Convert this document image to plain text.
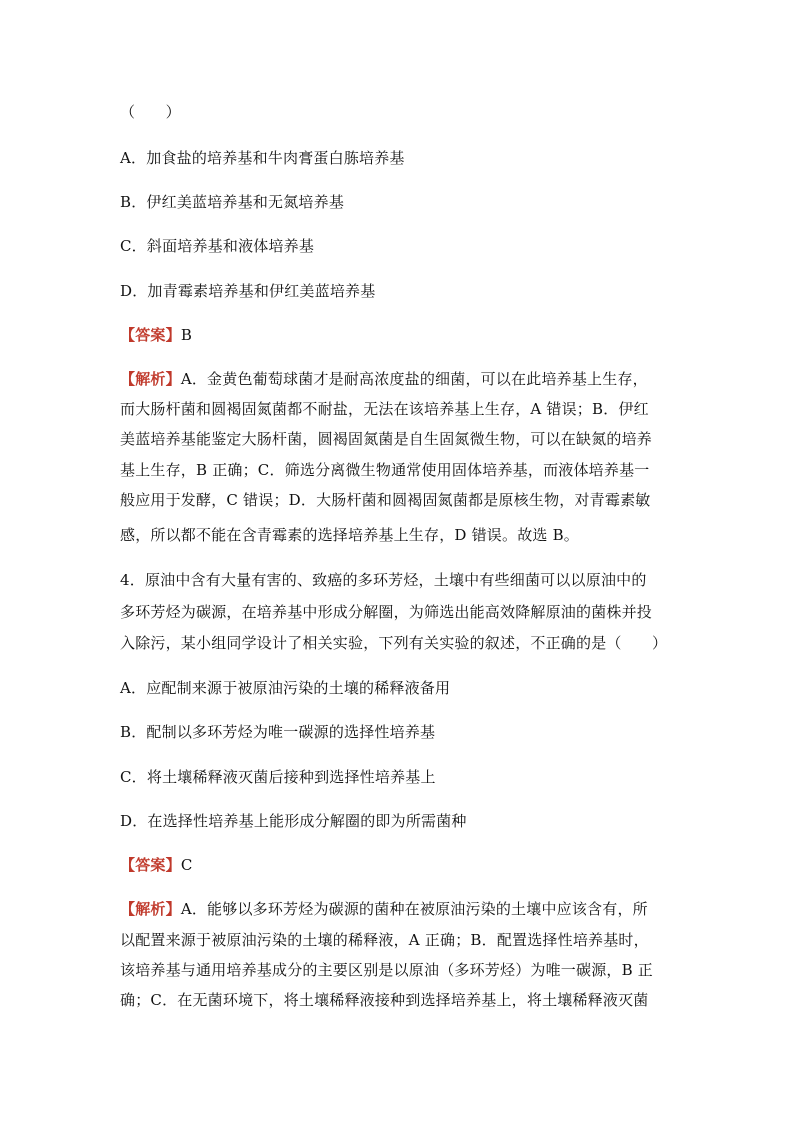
（　　）
A．加食盐的培养基和牛肉膏蛋白胨培养基
B．伊红美蓝培养基和无氮培养基
C．斜面培养基和液体培养基
D．加青霉素培养基和伊红美蓝培养基
【答案】B
【解析】A．金黄色葡萄球菌才是耐高浓度盐的细菌，可以在此培养基上生存，
而大肠杆菌和圆褐固氮菌都不耐盐，无法在该培养基上生存，A 错误；B．伊红
美蓝培养基能鉴定大肠杆菌，圆褐固氮菌是自生固氮微生物，可以在缺氮的培养
基上生存，B 正确；C．筛选分离微生物通常使用固体培养基，而液体培养基一
般应用于发酵，C 错误；D．大肠杆菌和圆褐固氮菌都是原核生物，对青霉素敏
感，所以都不能在含青霉素的选择培养基上生存，D 错误。故选 B。
4．原油中含有大量有害的、致癌的多环芳烃，土壤中有些细菌可以以原油中的
多环芳烃为碳源，在培养基中形成分解圈，为筛选出能高效降解原油的菌株并投
入除污，某小组同学设计了相关实验，下列有关实验的叙述，不正确的是（　　）
A．应配制来源于被原油污染的土壤的稀释液备用
B．配制以多环芳烃为唯一碳源的选择性培养基
C．将土壤稀释液灭菌后接种到选择性培养基上
D．在选择性培养基上能形成分解圈的即为所需菌种
【答案】C
【解析】A．能够以多环芳烃为碳源的菌种在被原油污染的土壤中应该含有，所
以配置来源于被原油污染的土壤的稀释液，A 正确；B．配置选择性培养基时，
该培养基与通用培养基成分的主要区别是以原油（多环芳烃）为唯一碳源，B 正
确；C．在无菌环境下，将土壤稀释液接种到选择培养基上，将土壤稀释液灭菌
